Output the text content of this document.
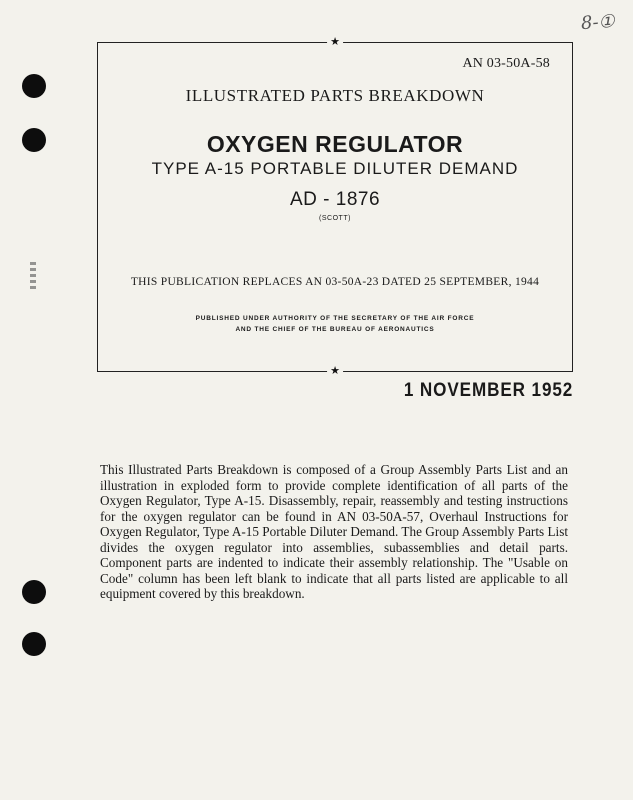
8-①
★
AN 03-50A-58
ILLUSTRATED PARTS BREAKDOWN
OXYGEN REGULATOR
TYPE A-15 PORTABLE DILUTER DEMAND
AD - 1876
(SCOTT)
THIS PUBLICATION REPLACES AN 03-50A-23 DATED 25 SEPTEMBER, 1944
PUBLISHED UNDER AUTHORITY OF THE SECRETARY OF THE AIR FORCE
AND THE CHIEF OF THE BUREAU OF AERONAUTICS
★
1 NOVEMBER 1952

This Illustrated Parts Breakdown is composed of a Group Assembly Parts List and an illustration in exploded form to provide complete identification of all parts of the Oxygen Regulator, Type A-15. Disassembly, repair, reassembly and testing instructions for the oxygen regulator can be found in AN 03-50A-57, Overhaul Instructions for Oxygen Regulator, Type A-15 Portable Diluter Demand. The Group Assembly Parts List divides the oxygen regulator into assemblies, subassemblies and detail parts. Component parts are indented to indicate their assembly relationship. The "Usable on Code" column has been left blank to indicate that all parts listed are applicable to all equipment covered by this breakdown.
